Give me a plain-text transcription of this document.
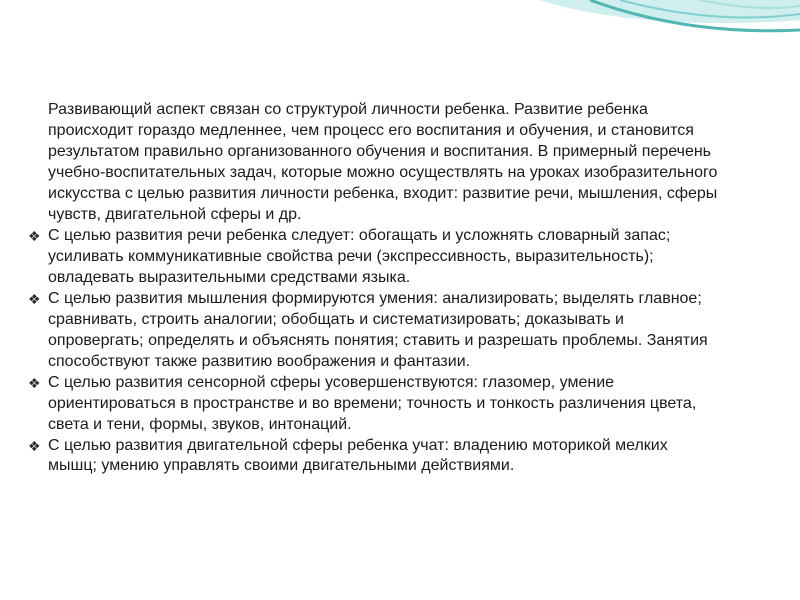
Развивающий аспект связан со структурой личности ребенка. Развитие ребенка происходит гораздо медленнее, чем процесс его воспитания и обучения, и становится результатом правильно организованного обучения и воспитания. В примерный перечень учебно-воспитательных задач, которые можно осуществлять на уроках изобразительного искусства с целью развития личности ребенка, входит: развитие речи, мышления, сферы чувств, двигательной сферы и др.

❖ С целью развития речи ребенка следует: обогащать и усложнять словарный запас; усиливать коммуникативные свойства речи (экспрессивность, выразительность); овладевать выразительными средствами языка.
❖ С целью развития мышления формируются умения: анализировать; выделять главное; сравнивать, строить аналогии; обобщать и систематизировать; доказывать и опровергать; определять и объяснять понятия; ставить и разрешать проблемы. Занятия способствуют также развитию воображения и фантазии.
❖ С целью развития сенсорной сферы усовершенствуются: глазомер, умение ориентироваться в пространстве и во времени; точность и тонкость различения цвета, света и тени, формы, звуков, интонаций.
❖ С целью развития двигательной сферы ребенка учат: владению моторикой мелких мышц; умению управлять своими двигательными действиями.
